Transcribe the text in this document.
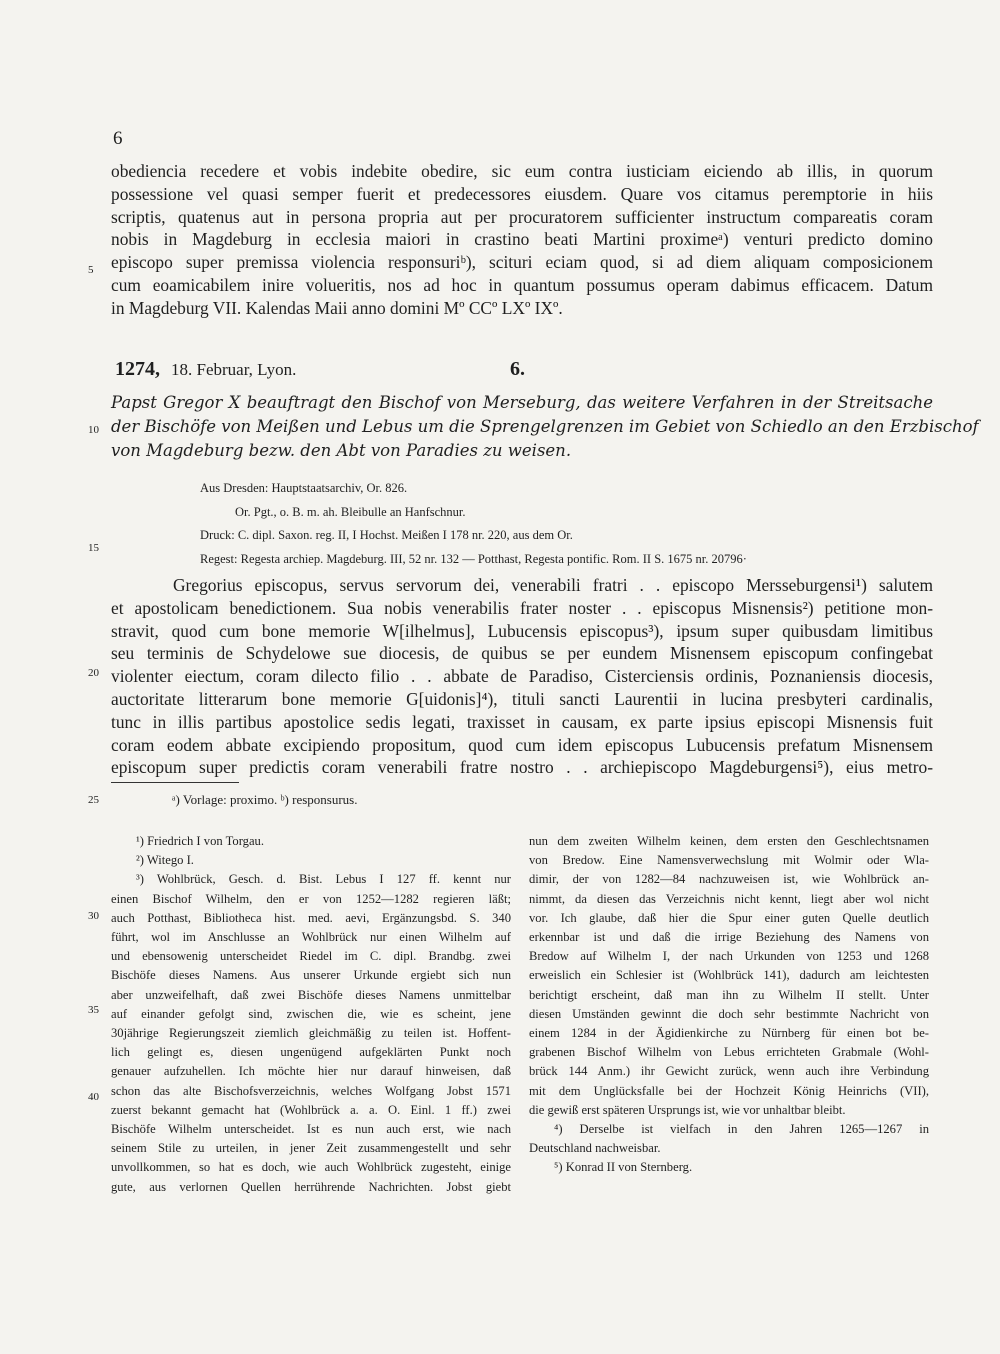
6
obediencia recedere et vobis indebite obedire, sic eum contra iusticiam eiciendo ab illis, in quorum
possessione vel quasi semper fuerit et predecessores eiusdem. Quare vos citamus peremptorie in hiis
scriptis, quatenus aut in persona propria aut per procuratorem sufficienter instructum compareatis coram
nobis in Magdeburg in ecclesia maiori in crastino beati Martini proximeᵃ) venturi predicto domino
episcopo super premissa violencia responsuriᵇ), scituri eciam quod, si ad diem aliquam composicionem
cum eoamicabilem inire volueritis, nos ad hoc in quantum possumus operam dabimus efficacem. Datum
in Magdeburg VII. Kalendas Maii anno domini Mº CCº LXº IXº.
5
10
15
20
25
30
35
40
1274, 18. Februar, Lyon.	6.
Papst Gregor X beauftragt den Bischof von Merseburg, das weitere Verfahren in der Streitsache
der Bischöfe von Meißen und Lebus um die Sprengelgrenzen im Gebiet von Schiedlo an den Erzbischof
von Magdeburg bezw. den Abt von Paradies zu weisen.
Aus Dresden: Hauptstaatsarchiv, Or. 826.
Or. Pgt., o. B. m. ah. Bleibulle an Hanfschnur.
Druck: C. dipl. Saxon. reg. II, I Hochst. Meißen I 178 nr. 220, aus dem Or.
Regest: Regesta archiep. Magdeburg. III, 52 nr. 132 — Potthast, Regesta pontific. Rom. II S. 1675 nr. 20796·
Gregorius episcopus, servus servorum dei, venerabili fratri . . episcopo Mersseburgensi¹) salutem
et apostolicam benedictionem. Sua nobis venerabilis frater noster . . episcopus Misnensis²) petitione mon-
stravit, quod cum bone memorie W[ilhelmus], Lubucensis episcopus³), ipsum super quibusdam limitibus
seu terminis de Schydelowe sue diocesis, de quibus se per eundem Misnensem episcopum confingebat
violenter eiectum, coram dilecto filio . . abbate de Paradiso, Cisterciensis ordinis, Poznaniensis diocesis,
auctoritate litterarum bone memorie G[uidonis]⁴), tituli sancti Laurentii in lucina presbyteri cardinalis,
tunc in illis partibus apostolice sedis legati, traxisset in causam, ex parte ipsius episcopi Misnensis fuit
coram eodem abbate excipiendo propositum, quod cum idem episcopus Lubucensis prefatum Misnensem
episcopum super predictis coram venerabili fratre nostro . . archiepiscopo Magdeburgensi⁵), eius metro-
ᵃ) Vorlage: proximo. ᵇ) responsurus.
¹) Friedrich I von Torgau.
²) Witego I.
³) Wohlbrück, Gesch. d. Bist. Lebus I 127 ff. kennt nur
einen Bischof Wilhelm, den er von 1252—1282 regieren läßt;
auch Potthast, Bibliotheca hist. med. aevi, Ergänzungsbd. S. 340
führt, wol im Anschlusse an Wohlbrück nur einen Wilhelm auf
und ebensowenig unterscheidet Riedel im C. dipl. Brandbg. zwei
Bischöfe dieses Namens. Aus unserer Urkunde ergiebt sich nun
aber unzweifelhaft, daß zwei Bischöfe dieses Namens unmittelbar
auf einander gefolgt sind, zwischen die, wie es scheint, jene
30jährige Regierungszeit ziemlich gleichmäßig zu teilen ist. Hoffent-
lich gelingt es, diesen ungenügend aufgeklärten Punkt noch
genauer aufzuhellen. Ich möchte hier nur darauf hinweisen, daß
schon das alte Bischofsverzeichnis, welches Wolfgang Jobst 1571
zuerst bekannt gemacht hat (Wohlbrück a. a. O. Einl. 1 ff.) zwei
Bischöfe Wilhelm unterscheidet. Ist es nun auch erst, wie nach
seinem Stile zu urteilen, in jener Zeit zusammengestellt und sehr
unvollkommen, so hat es doch, wie auch Wohlbrück zugesteht, einige
gute, aus verlornen Quellen herrührende Nachrichten. Jobst giebt
nun dem zweiten Wilhelm keinen, dem ersten den Geschlechtsnamen
von Bredow. Eine Namensverwechslung mit Wolmir oder Wla-
dimir, der von 1282—84 nachzuweisen ist, wie Wohlbrück an-
nimmt, da diesen das Verzeichnis nicht kennt, liegt aber wol nicht
vor. Ich glaube, daß hier die Spur einer guten Quelle deutlich
erkennbar ist und daß die irrige Beziehung des Namens von
Bredow auf Wilhelm I, der nach Urkunden von 1253 und 1268
erweislich ein Schlesier ist (Wohlbrück 141), dadurch am leichtesten
berichtigt erscheint, daß man ihn zu Wilhelm II stellt. Unter
diesen Umständen gewinnt die doch sehr bestimmte Nachricht von
einem 1284 in der Ägidienkirche zu Nürnberg für einen bot be-
grabenen Bischof Wilhelm von Lebus errichteten Grabmale (Wohl-
brück 144 Anm.) ihr Gewicht zurück, wenn auch ihre Verbindung
mit dem Unglücksfalle bei der Hochzeit König Heinrichs (VII),
die gewiß erst späteren Ursprungs ist, wie vor unhaltbar bleibt.
⁴) Derselbe ist vielfach in den Jahren 1265—1267 in
Deutschland nachweisbar.
⁵) Konrad II von Sternberg.
